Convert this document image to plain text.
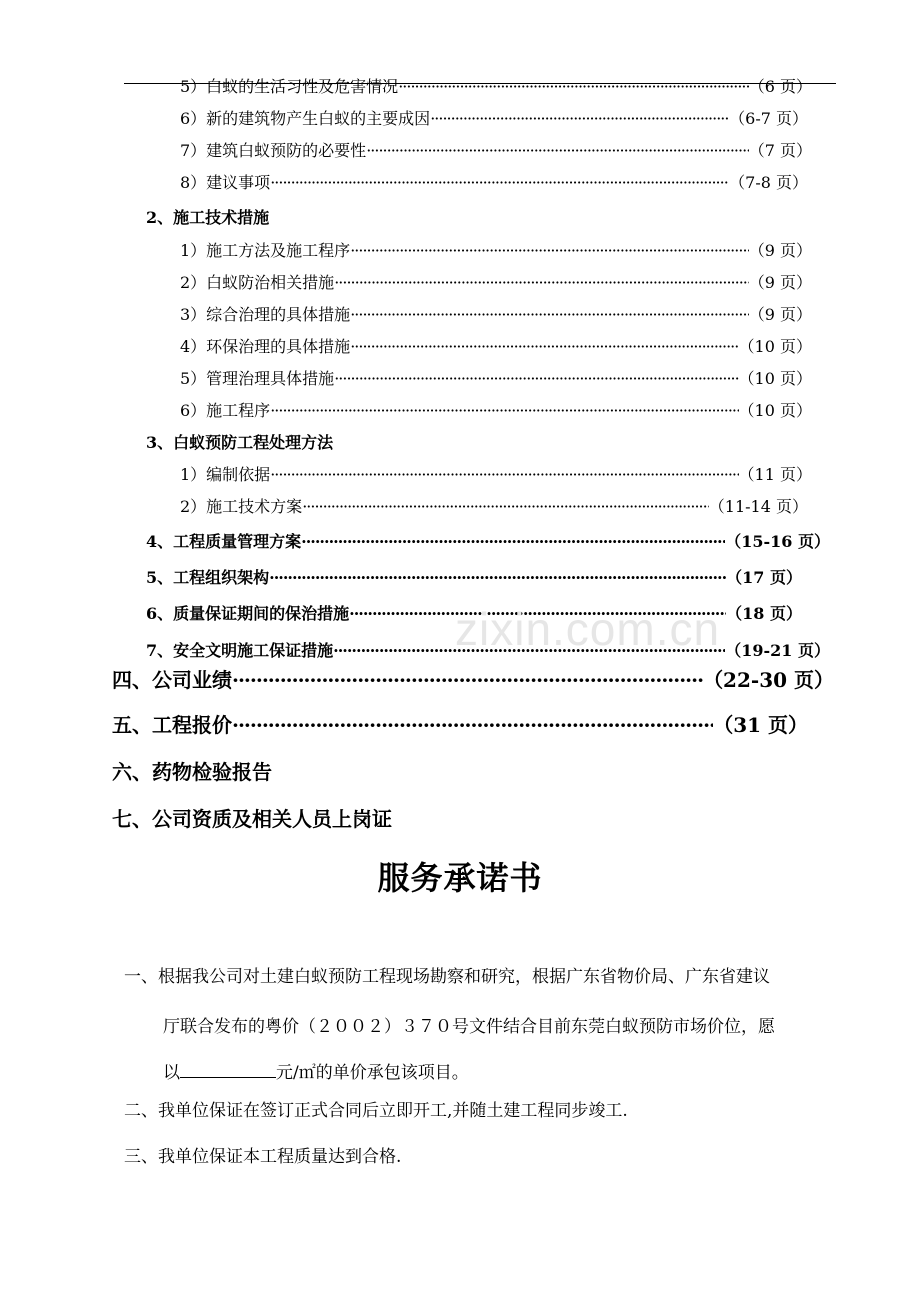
5）白蚁的生活习性及危害情况 ·····	（6 页）
6）新的建筑物产生白蚁的主要成因 ·····	（6-7 页）
7）建筑白蚁预防的必要性 ·····	（7 页）
8）建议事项 ·····	（7-8 页）
2、施工技术措施
1）施工方法及施工程序 ·····	（9 页）
2）白蚁防治相关措施 ·····	（9 页）
3）综合治理的具体措施 ·····	（9 页）
4）环保治理的具体措施 ·····	（10 页）
5）管理治理具体措施 ·····	（10 页）
6）施工程序 ·····	（10 页）
3、白蚁预防工程处理方法
1）编制依据 ·····	（11 页）
2）施工技术方案 ·····	（11-14 页）
4、工程质量管理方案 ·····	（15-16 页）
5、工程组织架构 ·····	（17 页）
6、质量保证期间的保治措施 ·····	（18 页）
7、安全文明施工保证措施 ·····	（19-21 页）
四、公司业绩 ·····	（22-30 页）
五、工程报价 ·····	（31 页）
六、药物检验报告
七、公司资质及相关人员上岗证
服务承诺书
一、根据我公司对土建白蚁预防工程现场勘察和研究，根据广东省物价局、广东省建议
厅联合发布的粤价（２００２）３７０号文件结合目前东莞白蚁预防市场价位，愿
以	元/㎡的单价承包该项目。
二、我单位保证在签订正式合同后立即开工,并随土建工程同步竣工.
三、我单位保证本工程质量达到合格.
zixin.com.cn
